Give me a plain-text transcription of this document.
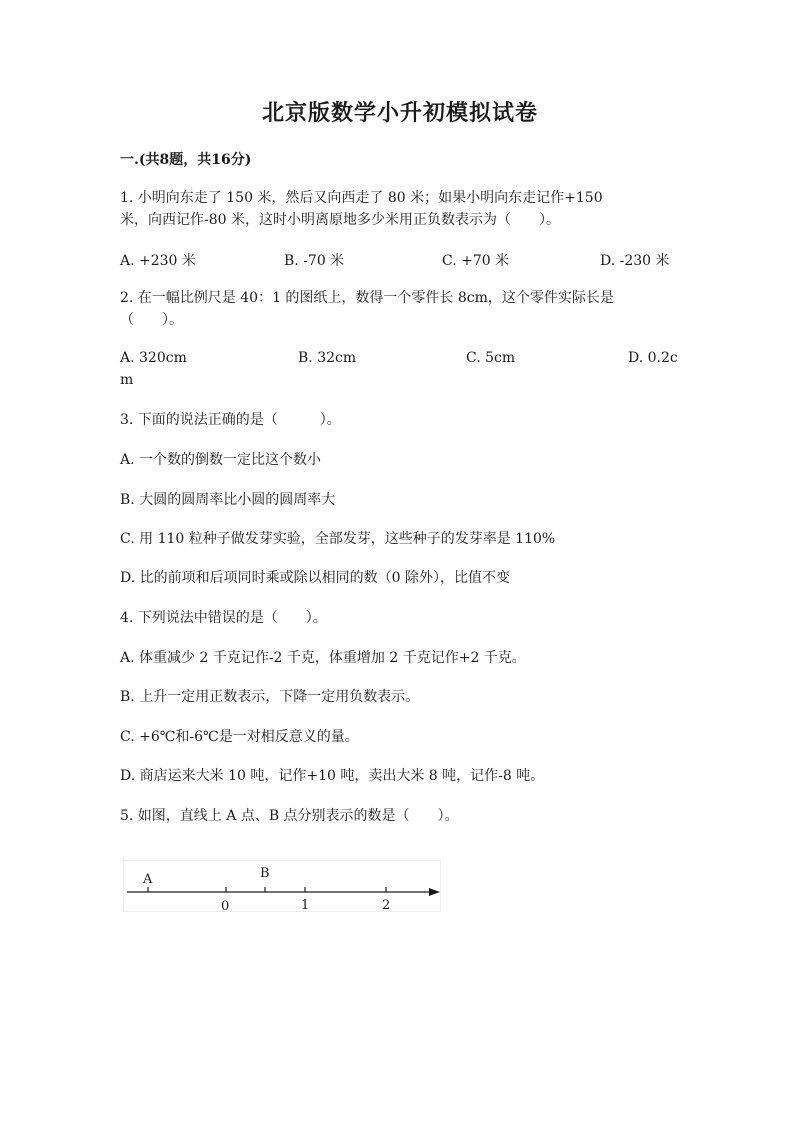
北京版数学小升初模拟试卷
一.(共8题，共16分)
1. 小明向东走了 150 米，然后又向西走了 80 米；如果小明向东走记作+150
米，向西记作-80 米，这时小明离原地多少米用正负数表示为（　　）。
A. +230 米	B. -70 米	C. +70 米	D. -230 米
2. 在一幅比例尺是 40：1 的图纸上，数得一个零件长 8cm，这个零件实际长是
（　　）。
A. 320cm	B. 32cm	C. 5cm	D. 0.2c
m
3. 下面的说法正确的是（　　　）。
A. 一个数的倒数一定比这个数小
B. 大圆的圆周率比小圆的圆周率大
C. 用 110 粒种子做发芽实验，全部发芽，这些种子的发芽率是 110%
D. 比的前项和后项同时乘或除以相同的数（0 除外），比值不变
4. 下列说法中错误的是（　　）。
A. 体重减少 2 千克记作-2 千克，体重增加 2 千克记作+2 千克。
B. 上升一定用正数表示，下降一定用负数表示。
C. +6℃和-6℃是一对相反意义的量。
D. 商店运来大米 10 吨，记作+10 吨，卖出大米 8 吨，记作-8 吨。
5. 如图，直线上 A 点、B 点分别表示的数是（　　）。
A	B
0	1	2
